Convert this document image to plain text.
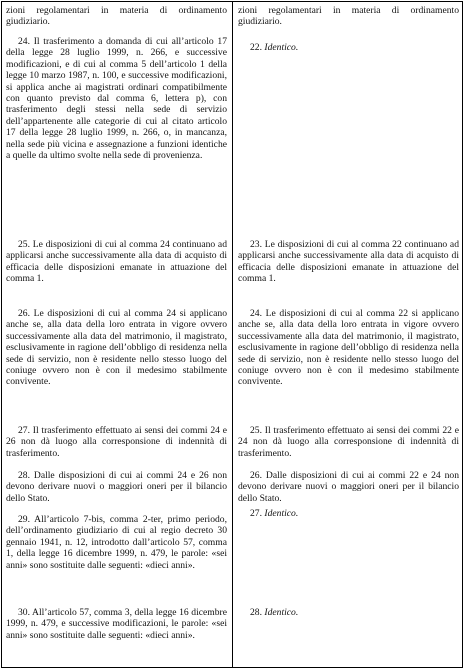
zioni regolamentari in materia di ordinamento giudiziario.

24. Il trasferimento a domanda di cui all’articolo 17 della legge 28 luglio 1999, n. 266, e successive modificazioni, e di cui al comma 5 dell’articolo 1 della legge 10 marzo 1987, n. 100, e successive modificazioni, si applica anche ai magistrati ordinari compatibilmente con quanto previsto dal comma 6, lettera p), con trasferimento degli stessi nella sede di servizio dell’appartenente alle categorie di cui al citato articolo 17 della legge 28 luglio 1999, n. 266, o, in mancanza, nella sede più vicina e assegnazione a funzioni identiche a quelle da ultimo svolte nella sede di provenienza.

25. Le disposizioni di cui al comma 24 continuano ad applicarsi anche successivamente alla data di acquisto di efficacia delle disposizioni emanate in attuazione del comma 1.

26. Le disposizioni di cui al comma 24 si applicano anche se, alla data della loro entrata in vigore ovvero successivamente alla data del matrimonio, il magistrato, esclusivamente in ragione dell’obbligo di residenza nella sede di servizio, non è residente nello stesso luogo del coniuge ovvero non è con il medesimo stabilmente convivente.

27. Il trasferimento effettuato ai sensi dei commi 24 e 26 non dà luogo alla corresponsione di indennità di trasferimento.

28. Dalle disposizioni di cui ai commi 24 e 26 non devono derivare nuovi o maggiori oneri per il bilancio dello Stato.

29. All’articolo 7-bis, comma 2-ter, primo periodo, dell’ordinamento giudiziario di cui al regio decreto 30 gennaio 1941, n. 12, introdotto dall’articolo 57, comma 1, della legge 16 dicembre 1999, n. 479, le parole: «sei anni» sono sostituite dalle seguenti: «dieci anni».

30. All’articolo 57, comma 3, della legge 16 dicembre 1999, n. 479, e successive modificazioni, le parole: «sei anni» sono sostituite dalle seguenti: «dieci anni».

zioni regolamentari in materia di ordinamento giudiziario.

22. Identico.

23. Le disposizioni di cui al comma 22 continuano ad applicarsi anche successivamente alla data di acquisto di efficacia delle disposizioni emanate in attuazione del comma 1.

24. Le disposizioni di cui al comma 22 si applicano anche se, alla data della loro entrata in vigore ovvero successivamente alla data del matrimonio, il magistrato, esclusivamente in ragione dell’obbligo di residenza nella sede di servizio, non è residente nello stesso luogo del coniuge ovvero non è con il medesimo stabilmente convivente.

25. Il trasferimento effettuato ai sensi dei commi 22 e 24 non dà luogo alla corresponsione di indennità di trasferimento.

26. Dalle disposizioni di cui ai commi 22 e 24 non devono derivare nuovi o maggiori oneri per il bilancio dello Stato.

27. Identico.

28. Identico.
